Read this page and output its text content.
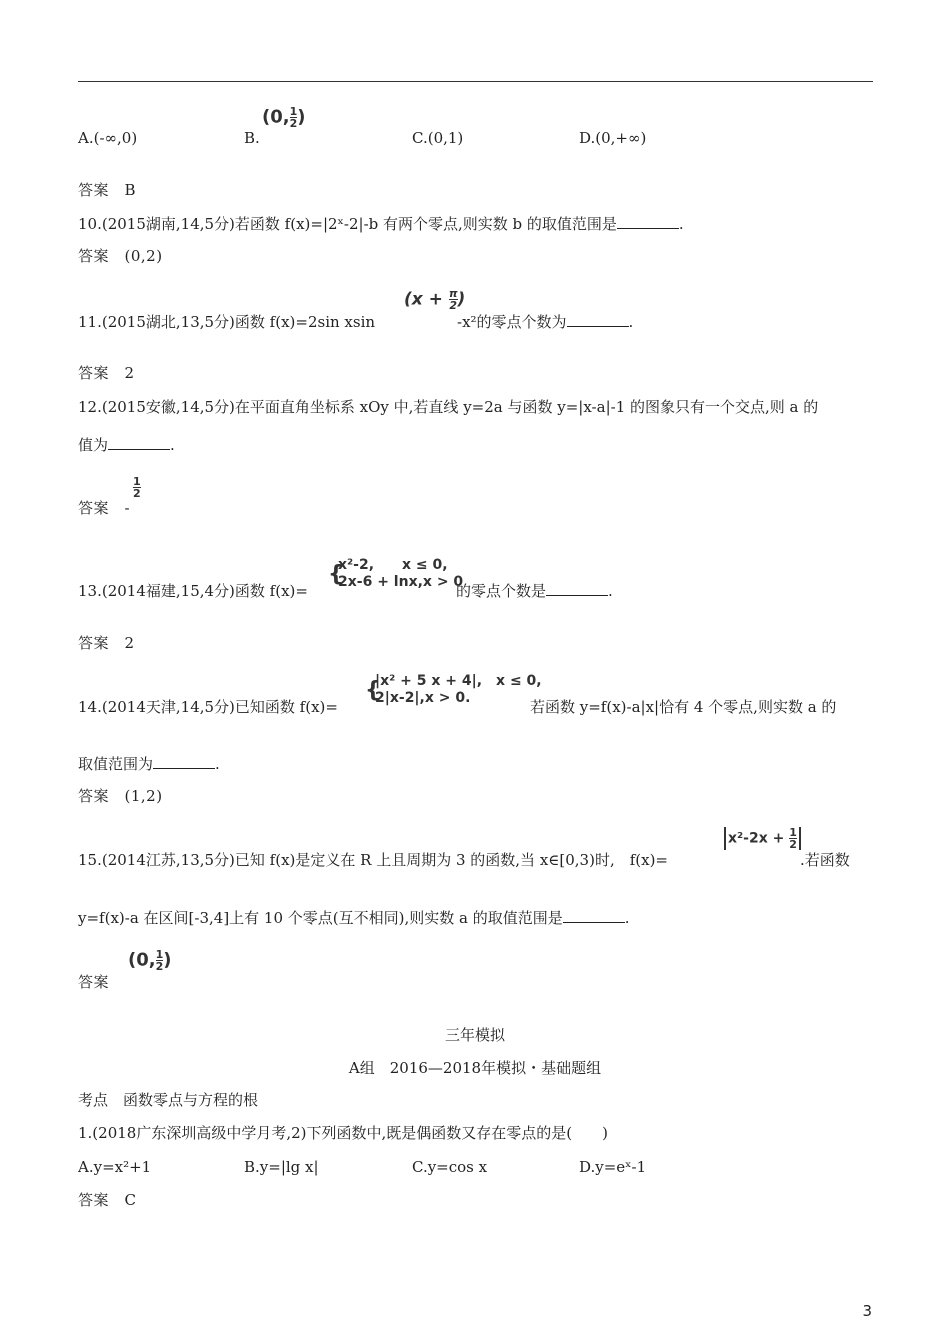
A.(-∞,0)	B.
(0, $\frac{1}{2}$ )
C.(0,1)	D.(0,+∞)
答案　B
10.(2015湖南,14,5分)若函数 f(x)=|2ˣ-2|-b 有两个零点,则实数 b 的取值范围是	.
答案　(0,2)
11.(2015湖北,13,5分)函数 f(x)=2sin xsin
($x + \frac{\pi}{2}$ )
-x²的零点个数为	.
答案　2
12.(2015安徽,14,5分)在平面直角坐标系 xOy 中,若直线 y=2a 与函数 y=|x-a|-1 的图象只有一个交点,则 a 的
值为	.
答案　-
$\frac{1}{2}$
13.(2014福建,15,4分)函数 f(x)=
{
x²-2,　　x ≤ 0,
2x-6 + lnx,x > 0
的零点个数是	.
答案　2
14.(2014天津,14,5分)已知函数 f(x)=
{
|x² + 5 x + 4|,　x ≤ 0,
2|x-2|,x > 0.	若函数 y=f(x)-a|x|恰有 4 个零点,则实数 a 的
取值范围为	.
答案　(1,2)
15.(2014江苏,13,5分)已知 f(x)是定义在 R 上且周期为 3 的函数,当 x∈[0,3)时,　f(x)=
$x^2-2x + \frac{1}{2}$
.若函数
y=f(x)-a 在区间[-3,4]上有 10 个零点(互不相同),则实数 a 的取值范围是	.
答案
(0, $\frac{1}{2}$ )
三年模拟
A组　2016—2018年模拟・基础题组
考点　函数零点与方程的根
1.(2018广东深圳高级中学月考,2)下列函数中,既是偶函数又存在零点的是(　　)
A.y=x²+1	B.y=|lg x|	C.y=cos x	D.y=eˣ-1
答案　C
3
